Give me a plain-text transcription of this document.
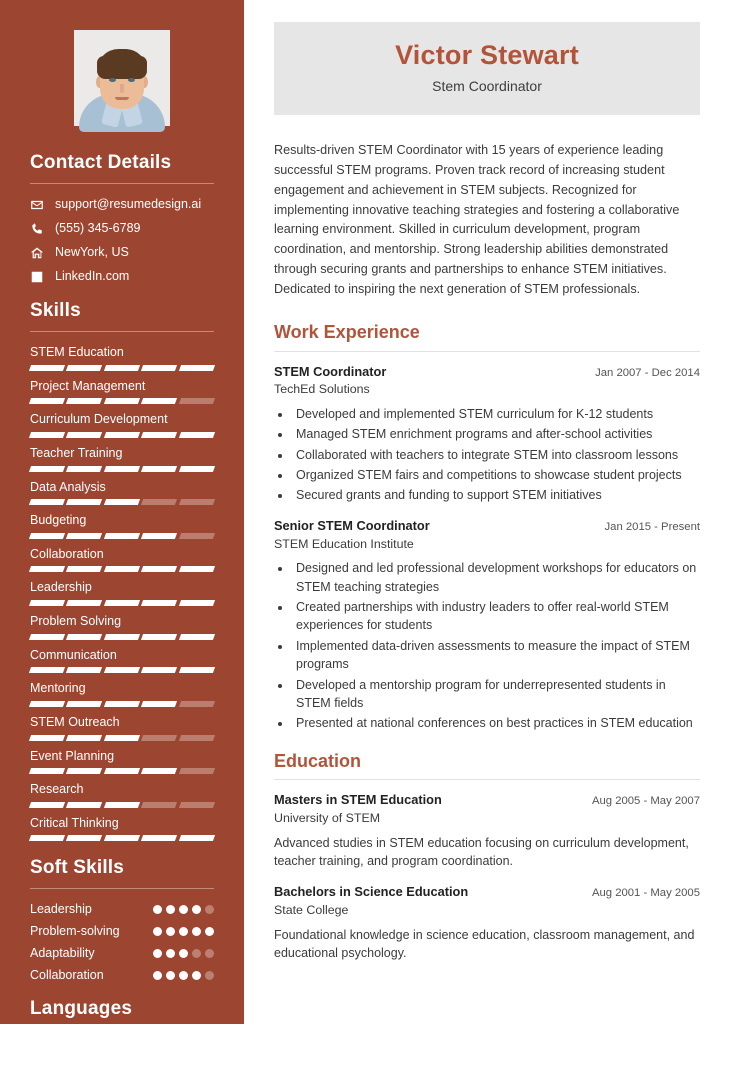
Contact Details
support@resumedesign.ai
(555) 345-6789
NewYork, US
LinkedIn.com
Skills
STEM Education
Project Management
Curriculum Development
Teacher Training
Data Analysis
Budgeting
Collaboration
Leadership
Problem Solving
Communication
Mentoring
STEM Outreach
Event Planning
Research
Critical Thinking
Soft Skills
Leadership
Problem-solving
Adaptability
Collaboration
Languages
English	Spanish
Victor Stewart
Stem Coordinator

Results-driven STEM Coordinator with 15 years of experience leading successful STEM programs. Proven track record of increasing student engagement and achievement in STEM subjects. Recognized for implementing innovative teaching strategies and fostering a collaborative learning environment. Skilled in curriculum development, program coordination, and mentorship. Strong leadership abilities demonstrated through securing grants and partnerships to enhance STEM initiatives. Dedicated to inspiring the next generation of STEM professionals.

Work Experience
STEM Coordinator	Jan 2007 - Dec 2014
TechEd Solutions
• Developed and implemented STEM curriculum for K-12 students
• Managed STEM enrichment programs and after-school activities
• Collaborated with teachers to integrate STEM into classroom lessons
• Organized STEM fairs and competitions to showcase student projects
• Secured grants and funding to support STEM initiatives
Senior STEM Coordinator	Jan 2015 - Present
STEM Education Institute
• Designed and led professional development workshops for educators on STEM teaching strategies
• Created partnerships with industry leaders to offer real-world STEM experiences for students
• Implemented data-driven assessments to measure the impact of STEM programs
• Developed a mentorship program for underrepresented students in STEM fields
• Presented at national conferences on best practices in STEM education
Education
Masters in STEM Education	Aug 2005 - May 2007
University of STEM
Advanced studies in STEM education focusing on curriculum development, teacher training, and program coordination.
Bachelors in Science Education	Aug 2001 - May 2005
State College
Foundational knowledge in science education, classroom management, and educational psychology.
